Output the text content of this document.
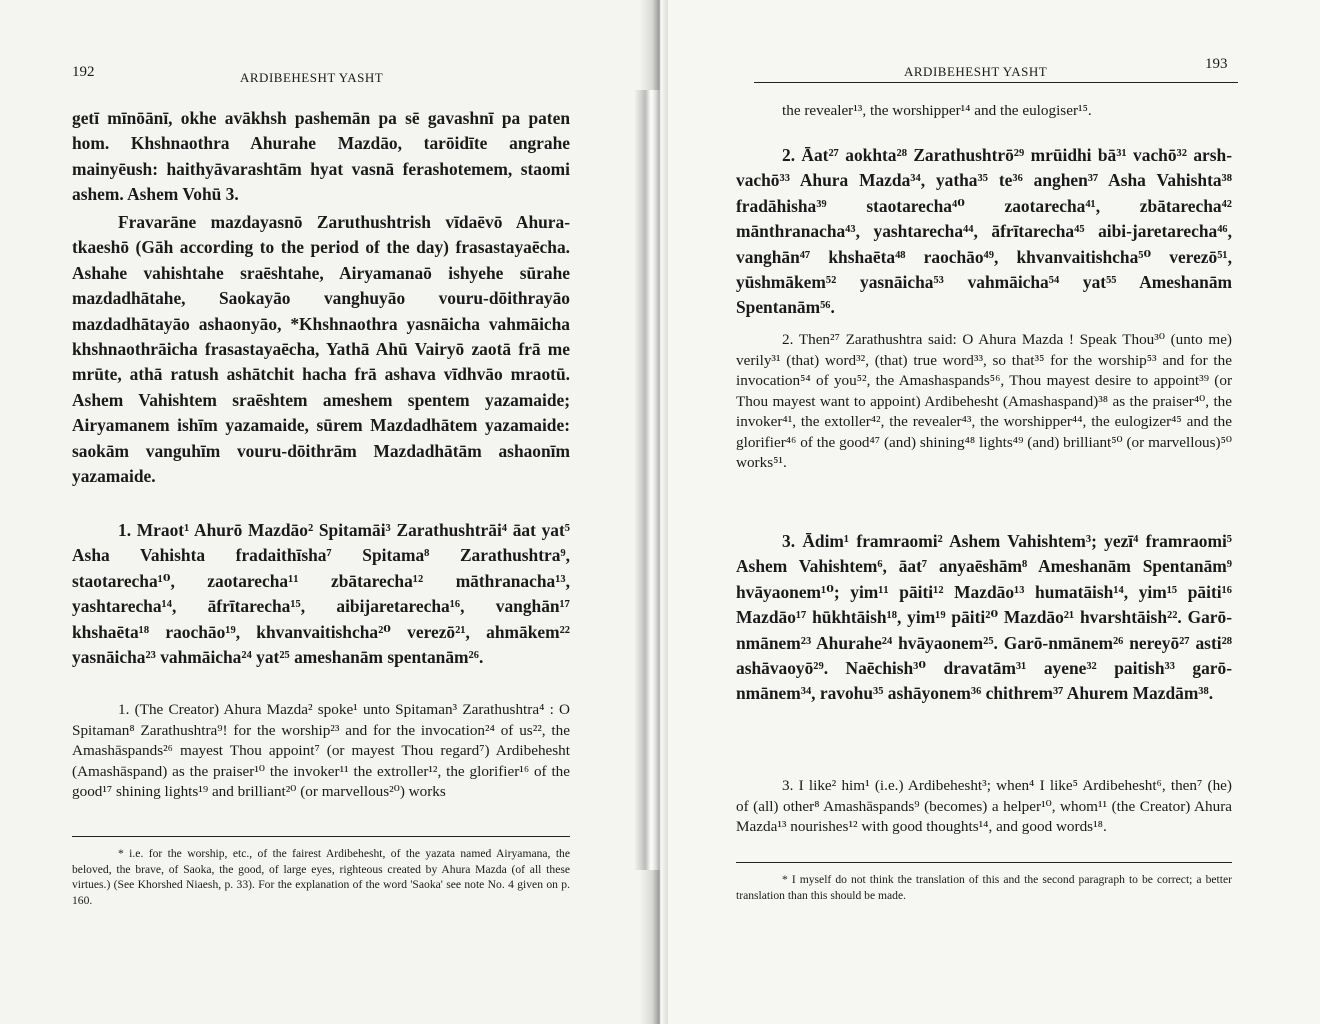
192	ARDIBEHESHT YASHT
getī mīnōānī, okhe avākhsh pashemān pa sē gavashnī pa paten hom. Khshnaothra Ahurahe Mazdāo, tarōidīte angrahe mainyēush: haithyāvarashtām hyat vasnā ferashotemem, staomi ashem. Ashem Vohū 3.
Fravarāne mazdayasnō Zaruthushtrish vīdaēvō Ahura-tkaeshō (Gāh according to the period of the day) frasastayaēcha. Ashahe vahishtahe sraēshtahe, Airyamanaō ishyehe sūrahe mazdadhātahe, Saokayāo vanghuyāo vouru-dōithrayāo mazdadhātayāo ashaonyāo, *Khshnaothra yasnāicha vahmāicha khshnaothrāicha frasastayaēcha, Yathā Ahū Vairyō zaotā frā me mrūte, athā ratush ashātchit hacha frā ashava vīdhvāo mraotū. Ashem Vahishtem sraēshtem ameshem spentem yazamaide; Airyamanem ishīm yazamaide, sūrem Mazdadhātem yazamaide: saokām vanguhīm vouru-dōithrām Mazdadhātām ashaonīm yazamaide.
1. Mraot¹ Ahurō Mazdāo² Spitamāi³ Zarathushtrāi⁴ āat yat⁵ Asha Vahishta fradaithīsha⁷ Spitama⁸ Zarathushtra⁹, staotarecha¹⁰, zaotarecha¹¹ zbātarecha¹² māthranacha¹³, yashtarecha¹⁴, āfrītarecha¹⁵, aibijaretarecha¹⁶, vanghān¹⁷ khshaēta¹⁸ raochāo¹⁹, khvanvaitishcha²⁰ verezō²¹, ahmākem²² yasnāicha²³ vahmāicha²⁴ yat²⁵ ameshanām spentanām²⁶.
1. (The Creator) Ahura Mazda² spoke¹ unto Spitaman³ Zarathushtra⁴ : O Spitaman⁸ Zarathushtra⁹! for the worship²³ and for the invocation²⁴ of us²², the Amashāspands²⁶ mayest Thou appoint⁷ (or mayest Thou regard⁷) Ardibehesht (Amashāspand) as the praiser¹⁰ the invoker¹¹ the extroller¹², the glorifier¹⁶ of the good¹⁷ shining lights¹⁹ and brilliant²⁰ (or marvellous²⁰) works
* i.e. for the worship, etc., of the fairest Ardibehesht, of the yazata named Airyamana, the beloved, the brave, of Saoka, the good, of large eyes, righteous created by Ahura Mazda (of all these virtues.) (See Khorshed Niaesh, p. 33). For the explanation of the word 'Saoka' see note No. 4 given on p. 160.
ARDIBEHESHT YASHT	193
the revealer¹³, the worshipper¹⁴ and the eulogiser¹⁵.
2. Āat²⁷ aokhta²⁸ Zarathushtrō²⁹ mrūidhi bā³¹ vachō³² arsh-vachō³³ Ahura Mazda³⁴, yatha³⁵ te³⁶ anghen³⁷ Asha Vahishta³⁸ fradāhisha³⁹ staotarecha⁴⁰ zaotarecha⁴¹, zbātarecha⁴² mānthranacha⁴³, yashtarecha⁴⁴, āfrītarecha⁴⁵ aibi-jaretarecha⁴⁶, vanghān⁴⁷ khshaēta⁴⁸ raochāo⁴⁹, khvanvaitishcha⁵⁰ verezō⁵¹, yūshmākem⁵² yasnāicha⁵³ vahmāicha⁵⁴ yat⁵⁵ Ameshanām Spentanām⁵⁶.
2. Then²⁷ Zarathushtra said: O Ahura Mazda ! Speak Thou³⁰ (unto me) verily³¹ (that) word³², (that) true word³³, so that³⁵ for the worship⁵³ and for the invocation⁵⁴ of you⁵², the Amashaspands⁵⁶, Thou mayest desire to appoint³⁹ (or Thou mayest want to appoint) Ardibehesht (Amashaspand)³⁸ as the praiser⁴⁰, the invoker⁴¹, the extoller⁴², the revealer⁴³, the worshipper⁴⁴, the eulogizer⁴⁵ and the glorifier⁴⁶ of the good⁴⁷ (and) shining⁴⁸ lights⁴⁹ (and) brilliant⁵⁰ (or marvellous)⁵⁰ works⁵¹.
3. Ādim¹ framraomi² Ashem Vahishtem³; yezī⁴ framraomi⁵ Ashem Vahishtem⁶, āat⁷ anyaēshām⁸ Ameshanām Spentanām⁹ hvāyaonem¹⁰; yim¹¹ pāiti¹² Mazdāo¹³ humatāish¹⁴, yim¹⁵ pāiti¹⁶ Mazdāo¹⁷ hūkhtāish¹⁸, yim¹⁹ pāiti²⁰ Mazdāo²¹ hvarshtāish²². Garō-nmānem²³ Ahurahe²⁴ hvāyaonem²⁵. Garō-nmānem²⁶ nereyō²⁷ asti²⁸ ashāvaoyō²⁹. Naēchish³⁰ dravatām³¹ ayene³² paitish³³ garō-nmānem³⁴, ravohu³⁵ ashāyonem³⁶ chithrem³⁷ Ahurem Mazdām³⁸.
3. I like² him¹ (i.e.) Ardibehesht³; when⁴ I like⁵ Ardibehesht⁶, then⁷ (he) of (all) other⁸ Amashāspands⁹ (becomes) a helper¹⁰, whom¹¹ (the Creator) Ahura Mazda¹³ nourishes¹² with good thoughts¹⁴, and good words¹⁸.
* I myself do not think the translation of this and the second paragraph to be correct; a better translation than this should be made.
